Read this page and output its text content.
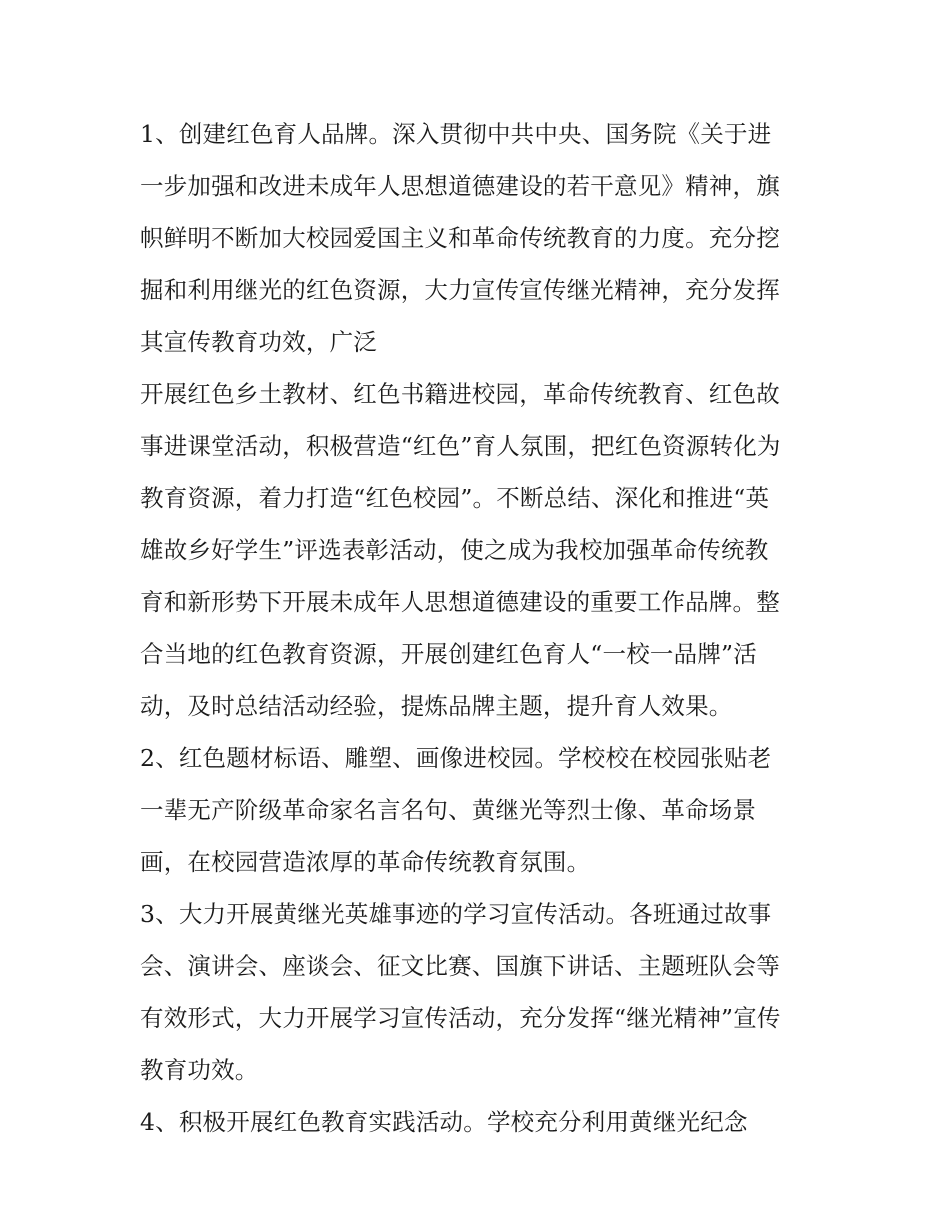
1、创建红色育人品牌。深入贯彻中共中央、国务院《关于进
一步加强和改进未成年人思想道德建设的若干意见》精神，旗
帜鲜明不断加大校园爱国主义和革命传统教育的力度。充分挖
掘和利用继光的红色资源，大力宣传宣传继光精神，充分发挥
其宣传教育功效，广泛
开展红色乡土教材、红色书籍进校园，革命传统教育、红色故
事进课堂活动，积极营造“红色”育人氛围，把红色资源转化为
教育资源，着力打造“红色校园”。不断总结、深化和推进“英
雄故乡好学生”评选表彰活动，使之成为我校加强革命传统教
育和新形势下开展未成年人思想道德建设的重要工作品牌。整
合当地的红色教育资源，开展创建红色育人“一校一品牌”活
动，及时总结活动经验，提炼品牌主题，提升育人效果。
2、红色题材标语、雕塑、画像进校园。学校校在校园张贴老
一辈无产阶级革命家名言名句、黄继光等烈士像、革命场景
画，在校园营造浓厚的革命传统教育氛围。
3、大力开展黄继光英雄事迹的学习宣传活动。各班通过故事
会、演讲会、座谈会、征文比赛、国旗下讲话、主题班队会等
有效形式，大力开展学习宣传活动，充分发挥“继光精神”宣传
教育功效。
4、积极开展红色教育实践活动。学校充分利用黄继光纪念
